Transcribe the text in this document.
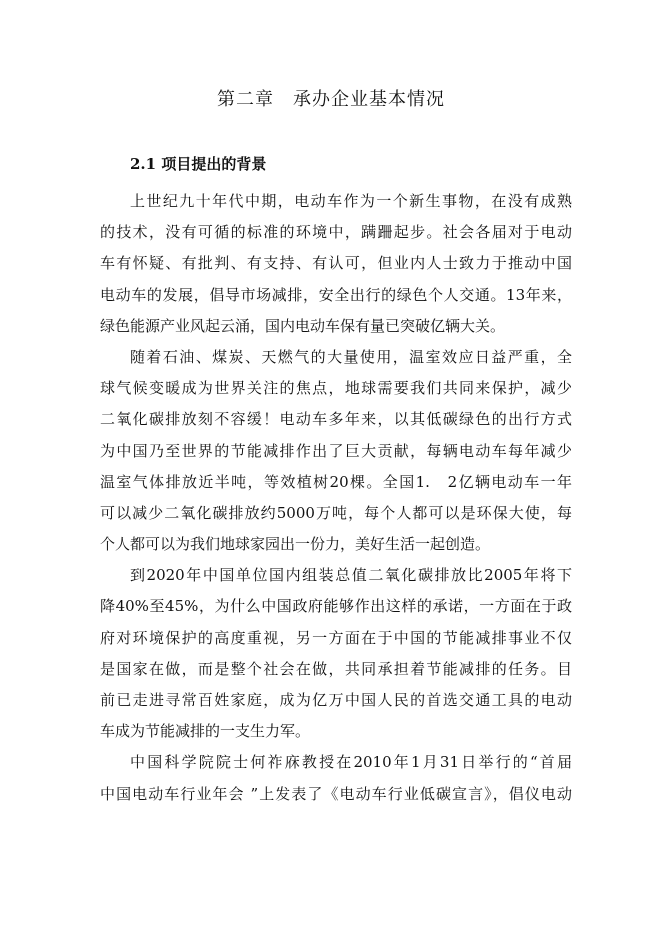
第二章　承办企业基本情况
2.1 项目提出的背景
上世纪九十年代中期，电动车作为一个新生事物，在没有成熟
的技术，没有可循的标准的环境中，蹒跚起步。社会各届对于电动
车有怀疑、有批判、有支持、有认可，但业内人士致力于推动中国
电动车的发展，倡导市场减排，安全出行的绿色个人交通。13年来，
绿色能源产业风起云涌，国内电动车保有量已突破亿辆大关。
随着石油、煤炭、天燃气的大量使用，温室效应日益严重，全
球气候变暖成为世界关注的焦点，地球需要我们共同来保护，减少
二氧化碳排放刻不容缓！电动车多年来，以其低碳绿色的出行方式
为中国乃至世界的节能减排作出了巨大贡献，每辆电动车每年减少
温室气体排放近半吨，等效植树20棵。全国1.　2亿辆电动车一年
可以减少二氧化碳排放约5000万吨，每个人都可以是环保大使，每
个人都可以为我们地球家园出一份力，美好生活一起创造。
到2020年中国单位国内组装总值二氧化碳排放比2005年将下
降40%至45%，为什么中国政府能够作出这样的承诺，一方面在于政
府对环境保护的高度重视，另一方面在于中国的节能减排事业不仅
是国家在做，而是整个社会在做，共同承担着节能减排的任务。目
前已走进寻常百姓家庭，成为亿万中国人民的首选交通工具的电动
车成为节能减排的一支生力军。
中国科学院院士何祚庥教授在2010年1月31日举行的“首届
中国电动车行业年会 ”上发表了《电动车行业低碳宣言》，倡仪电动
